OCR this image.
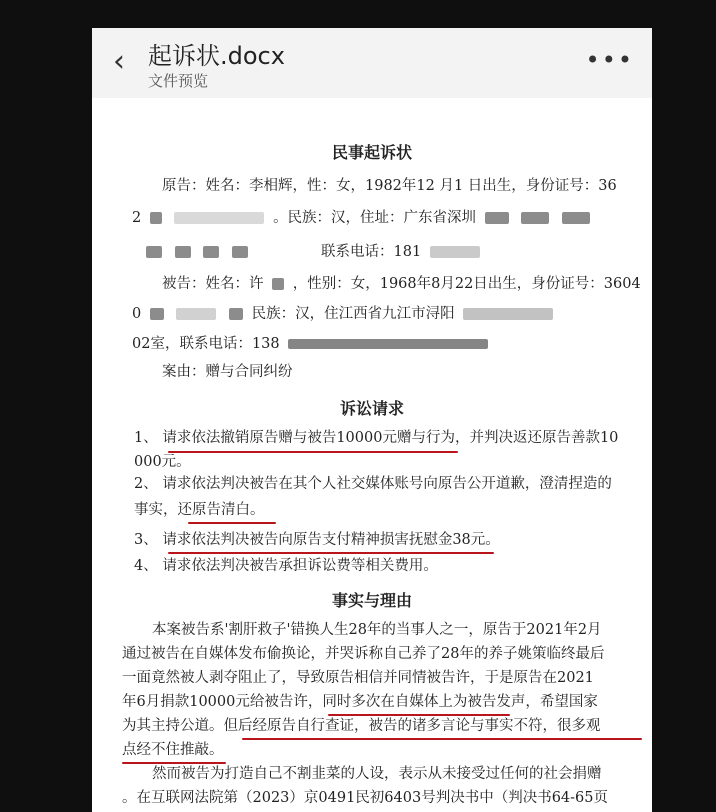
‹ 起诉状.docx
文件预览
•••
民事起诉状
原告：姓名：李相辉，性：女，1982年12 月1 日出生，身份证号：36
2	。民族：汉，住址：广东省深圳
联系电话：181
被告：姓名：许 ，性别：女，1968年8月22日出生，身份证号：3604
0	民族：汉，住江西省九江市浔阳
02室，联系电话：138
案由：赠与合同纠纷
诉讼请求
1、 请求依法撤销原告赠与被告10000元赠与行为，并判决返还原告善款10
000元。
2、 请求依法判决被告在其个人社交媒体账号向原告公开道歉，澄清捏造的
事实，还原告清白。
3、 请求依法判决被告向原告支付精神损害抚慰金38元。
4、 请求依法判决被告承担诉讼费等相关费用。
事实与理由
本案被告系'割肝救子'错换人生28年的当事人之一，原告于2021年2月
通过被告在自媒体发布偷换论，并哭诉称自己养了28年的养子姚策临终最后
一面竟然被人剥夺阻止了，导致原告相信并同情被告许，于是原告在2021
年6月捐款10000元给被告许，同时多次在自媒体上为被告发声，希望国家
为其主持公道。但后经原告自行查证，被告的诸多言论与事实不符，很多观
点经不住推敲。
然而被告为打造自己不割韭菜的人设，表示从未接受过任何的社会捐赠
。在互联网法院第（2023）京0491民初6403号判决书中（判决书64-65页
